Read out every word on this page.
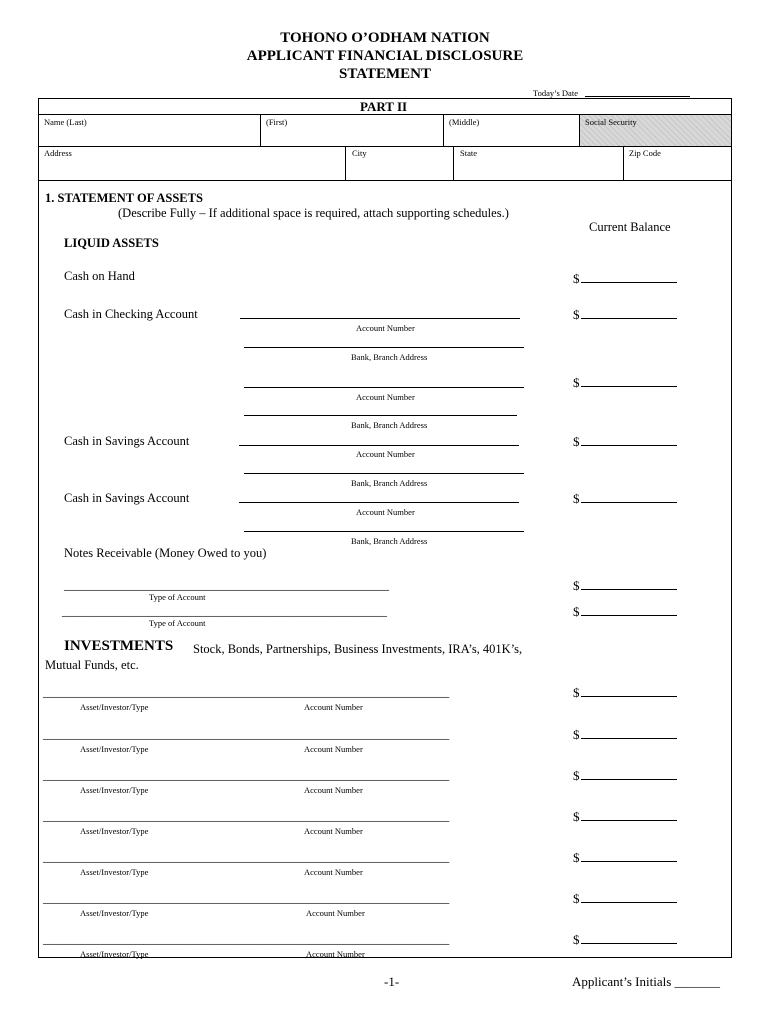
TOHONO O’ODHAM NATION
APPLICANT FINANCIAL DISCLOSURE
STATEMENT
Today’s Date
PART II
Name (Last)	(First)	(Middle)	Social Security
Address	City	State	Zip Code
1. STATEMENT OF ASSETS
(Describe Fully – If additional space is required, attach supporting schedules.)
Current Balance
LIQUID ASSETS
Cash on Hand	$
Cash in Checking Account	$
Account Number
Bank, Branch Address
$
Account Number
Bank, Branch Address
Cash in Savings Account	$
Account Number
Bank, Branch Address
Cash in Savings Account	$
Account Number
Bank, Branch Address
Notes Receivable (Money Owed to you)
____________________________________________________	$
Type of Account
____________________________________________________	$
Type of Account
INVESTMENTS Stock, Bonds, Partnerships, Business Investments, IRA’s, 401K’s,
Mutual Funds, etc.
_________________________________________________________________	$
Asset/Investor/Type	Account Number
_________________________________________________________________	$
Asset/Investor/Type	Account Number
_________________________________________________________________	$
Asset/Investor/Type	Account Number
_________________________________________________________________	$
Asset/Investor/Type	Account Number
_________________________________________________________________	$
Asset/Investor/Type	Account Number
_________________________________________________________________	$
Asset/Investor/Type	Account Number
_________________________________________________________________	$
Asset/Investor/Type	Account Number
-1-	Applicant’s Initials _______
